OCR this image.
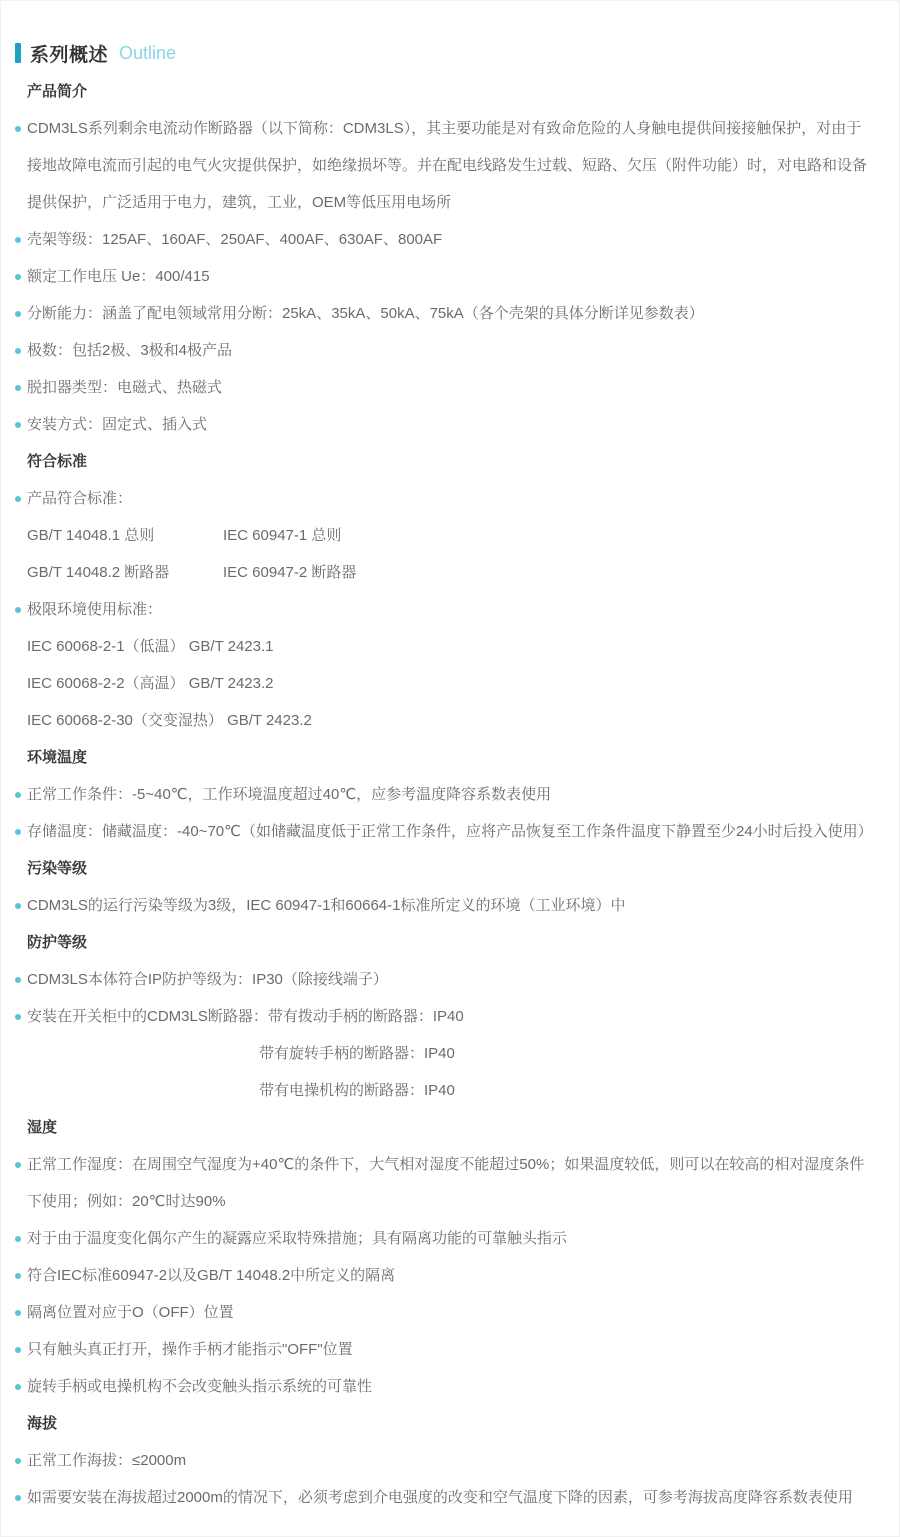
系列概述 Outline
产品简介
CDM3LS系列剩余电流动作断路器（以下简称：CDM3LS），其主要功能是对有致命危险的人身触电提供间接接触保护，对由于接地故障电流而引起的电气火灾提供保护，如绝缘损坏等。并在配电线路发生过载、短路、欠压（附件功能）时，对电路和设备提供保护，广泛适用于电力，建筑，工业，OEM等低压用电场所
壳架等级：125AF、160AF、250AF、400AF、630AF、800AF
额定工作电压 Ue：400/415
分断能力：涵盖了配电领域常用分断：25kA、35kA、50kA、75kA（各个壳架的具体分断详见参数表）
极数：包括2极、3极和4极产品
脱扣器类型：电磁式、热磁式
安装方式：固定式、插入式
符合标准
产品符合标准：
GB/T 14048.1 总则	IEC 60947-1 总则
GB/T 14048.2 断路器	IEC 60947-2 断路器
极限环境使用标准：
IEC 60068-2-1（低温） GB/T 2423.1
IEC 60068-2-2（高温） GB/T 2423.2
IEC 60068-2-30（交变湿热） GB/T 2423.2
环境温度
正常工作条件：-5~40℃，工作环境温度超过40℃，应参考温度降容系数表使用
存储温度：储藏温度：-40~70℃（如储藏温度低于正常工作条件，应将产品恢复至工作条件温度下静置至少24小时后投入使用）
污染等级
CDM3LS的运行污染等级为3级，IEC 60947-1和60664-1标准所定义的环境（工业环境）中
防护等级
CDM3LS本体符合IP防护等级为：IP30（除接线端子）
安装在开关柜中的CDM3LS断路器：带有拨动手柄的断路器：IP40
带有旋转手柄的断路器：IP40
带有电操机构的断路器：IP40
湿度
正常工作湿度：在周围空气湿度为+40℃的条件下，大气相对湿度不能超过50%；如果温度较低，则可以在较高的相对湿度条件下使用；例如：20℃时达90%
对于由于温度变化偶尔产生的凝露应采取特殊措施；具有隔离功能的可靠触头指示
符合IEC标准60947-2以及GB/T 14048.2中所定义的隔离
隔离位置对应于O（OFF）位置
只有触头真正打开，操作手柄才能指示"OFF"位置
旋转手柄或电操机构不会改变触头指示系统的可靠性
海拔
正常工作海拔：≤2000m
如需要安装在海拔超过2000m的情况下，必须考虑到介电强度的改变和空气温度下降的因素，可参考海拔高度降容系数表使用
